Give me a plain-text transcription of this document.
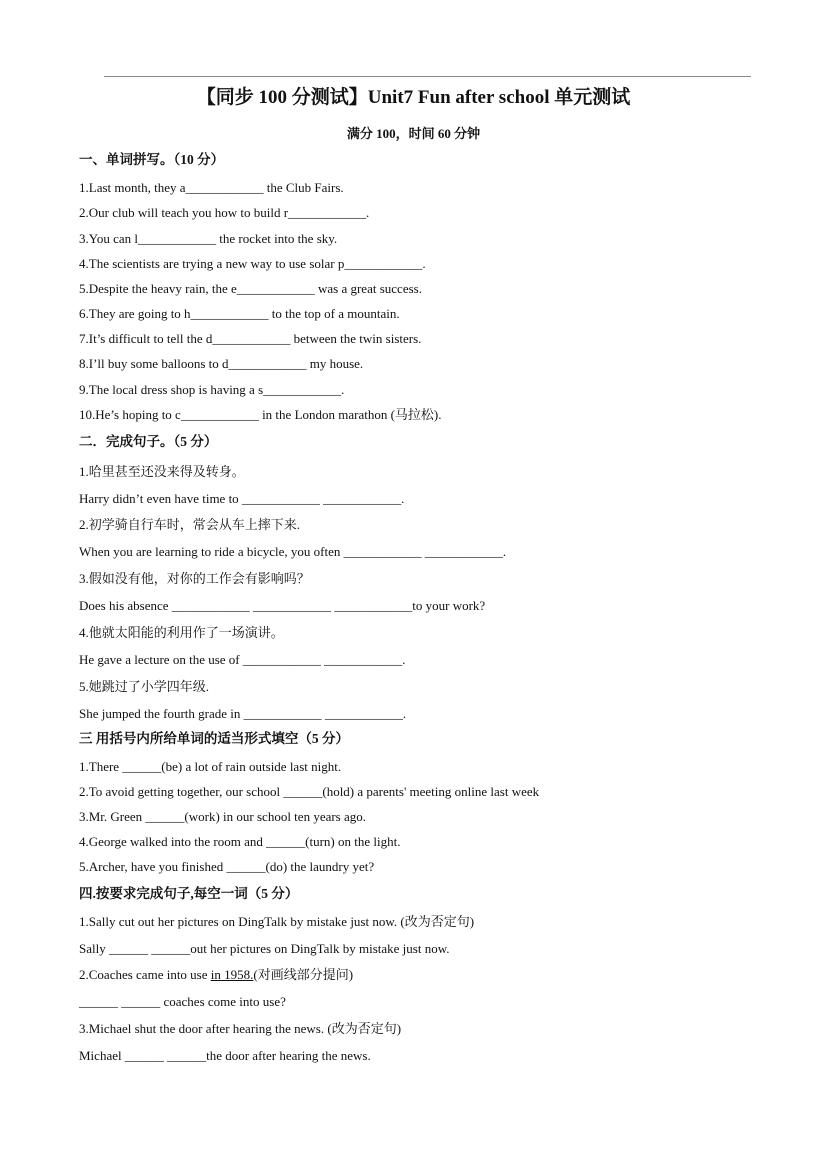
【同步 100 分测试】Unit7 Fun after school 单元测试
满分 100，时间 60 分钟
一、单词拼写。（10 分）
1.Last month, they a____________ the Club Fairs.
2.Our club will teach you how to build r____________.
3.You can l____________ the rocket into the sky.
4.The scientists are trying a new way to use solar p____________.
5.Despite the heavy rain, the e____________ was a great success.
6.They are going to h____________ to the top of a mountain.
7.It’s difficult to tell the d____________ between the twin sisters.
8.I’ll buy some balloons to d____________ my house.
9.The local dress shop is having a s____________.
10.He’s hoping to c____________ in the London marathon (马拉松).
二．完成句子。（5 分）
1.哈里甚至还没来得及转身。
Harry didn’t even have time to ____________ ____________.
2.初学骑自行车时，常会从车上摔下来.
When you are learning to ride a bicycle, you often ____________ ____________.
3.假如没有他，对你的工作会有影响吗？
Does his absence ____________ ____________ ____________to your work?
4.他就太阳能的利用作了一场演讲。
He gave a lecture on the use of ____________ ____________.
5.她跳过了小学四年级.
She jumped the fourth grade in ____________ ____________.
三 用括号内所给单词的适当形式填空（5 分）
1.There ______(be) a lot of rain outside last night.
2.To avoid getting together, our school ______(hold) a parents' meeting online last week
3.Mr. Green ______(work) in our school ten years ago.
4.George walked into the room and ______(turn) on the light.
5.Archer, have you finished ______(do) the laundry yet?
四.按要求完成句子,每空一词（5 分）
1.Sally cut out her pictures on DingTalk by mistake just now. (改为否定句)
Sally ______ ______out her pictures on DingTalk by mistake just now.
2.Coaches came into use in 1958.(对画线部分提问)
______ ______ coaches come into use?
3.Michael shut the door after hearing the news. (改为否定句)
Michael ______ ______the door after hearing the news.
